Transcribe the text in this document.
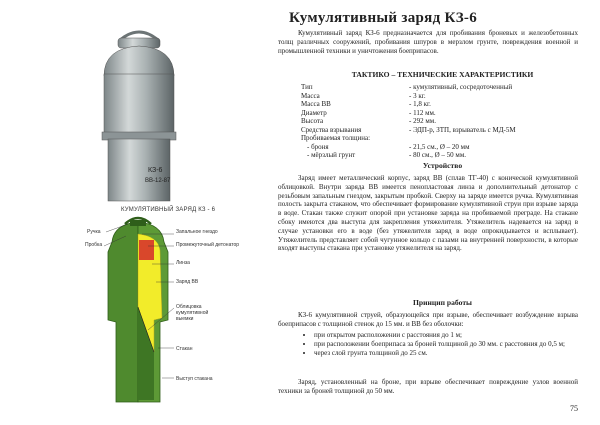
Кумулятивный заряд КЗ-6
КЗ-6
ВВ-12-87
КУМУЛЯТИВНЫЙ ЗАРЯД КЗ - 6
Ручка
Пробка
Запальное гнездо
Промежуточный детонатор
Линза
Заряд ВВ
Облицовка кумулятивной выемки
Стакан
Выступ стакана

Кумулятивный заряд КЗ-6 предназначается для пробивания броневых и железобетонных толщ различных сооружений, пробивания шпуров в мерзлом грунте, повреждения военной и промышленной техники и уничтожения боеприпасов.

ТАКТИКО – ТЕХНИЧЕСКИЕ ХАРАКТЕРИСТИКИ
Тип	- кумулятивный, сосредоточенный
Масса	- 3 кг.
Масса ВВ	- 1,8 кг.
Диаметр	- 112 мм.
Высота	- 292 мм.
Средства взрывания	- ЭДП-р, ЗТП, взрыватель с МД-5М
Пробиваемая толщина:
- броня	- 21,5 см., Ø – 20 мм
- мёрзлый грунт	- 80 см., Ø – 50 мм.
Устройство

Заряд имеет металлический корпус, заряд ВВ (сплав ТГ-40) с конической кумулятивной облицовкой. Внутри заряда ВВ имеется пенопластовая линза и дополнительный детонатор с резьбовым запальным гнездом, закрытым пробкой. Сверху на заряде имеется ручка. Кумулятивная полость закрыта стаканом, что обеспечивает формирование кумулятивной струи при взрыве заряда в воде. Стакан также служит опорой при установке заряда на пробиваемой преграде. На стакане сбоку имеются два выступа для закрепления утяжелителя. Утяжелитель надевается на заряд в случае установки его в воде (без утяжелителя заряд в воде опрокидывается и всплывает). Утяжелитель представляет собой чугунное кольцо с пазами на внутренней поверхности, в которые входят выступы стакана при установке утяжелителя на заряд.

Принцип работы

КЗ-6 кумулятивной струей, образующейся при взрыве, обеспечивает возбуждение взрыва боеприпасов с толщиной стенок до 15 мм. и ВВ без оболочки:

• при открытом расположении с расстояния до 1 м;
• при расположении боеприпаса за броней толщиной до 30 мм. с расстояния до 0,5 м;
• через слой грунта толщиной до 25 см.

Заряд, установленный на броне, при взрыве обеспечивает повреждение узлов военной техники за броней толщиной до 50 мм.

75
